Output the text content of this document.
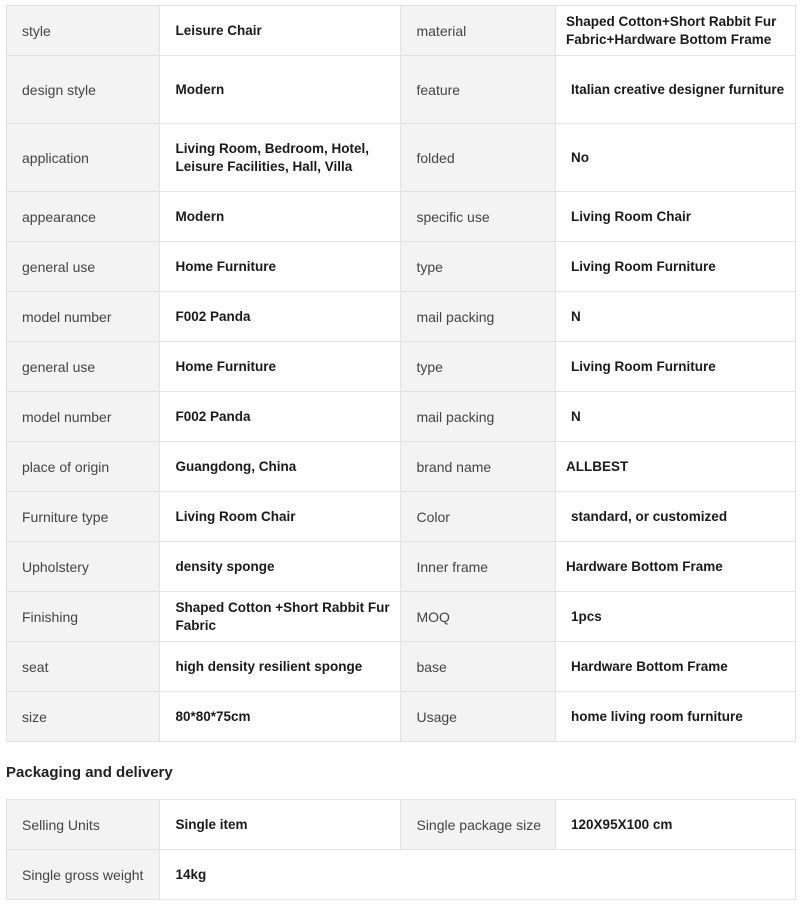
style	Leisure Chair	material	Shaped Cotton+Short Rabbit Fur Fabric+Hardware Bottom Frame
design style	Modern	feature	Italian creative designer furniture
application	Living Room, Bedroom, Hotel, Leisure Facilities, Hall, Villa	folded	No
appearance	Modern	specific use	Living Room Chair
general use	Home Furniture	type	Living Room Furniture
model number	F002 Panda	mail packing	N
general use	Home Furniture	type	Living Room Furniture
model number	F002 Panda	mail packing	N
place of origin	Guangdong, China	brand name	ALLBEST
Furniture type	Living Room Chair	Color	standard, or customized
Upholstery	density sponge	Inner frame	Hardware Bottom Frame
Finishing	Shaped Cotton +Short Rabbit Fur Fabric	MOQ	1pcs
seat	high density resilient sponge	base	Hardware Bottom Frame
size	80*80*75cm	Usage	home living room furniture
Packaging and delivery
Selling Units	Single item	Single package size	120X95X100 cm
Single gross weight	14kg		
